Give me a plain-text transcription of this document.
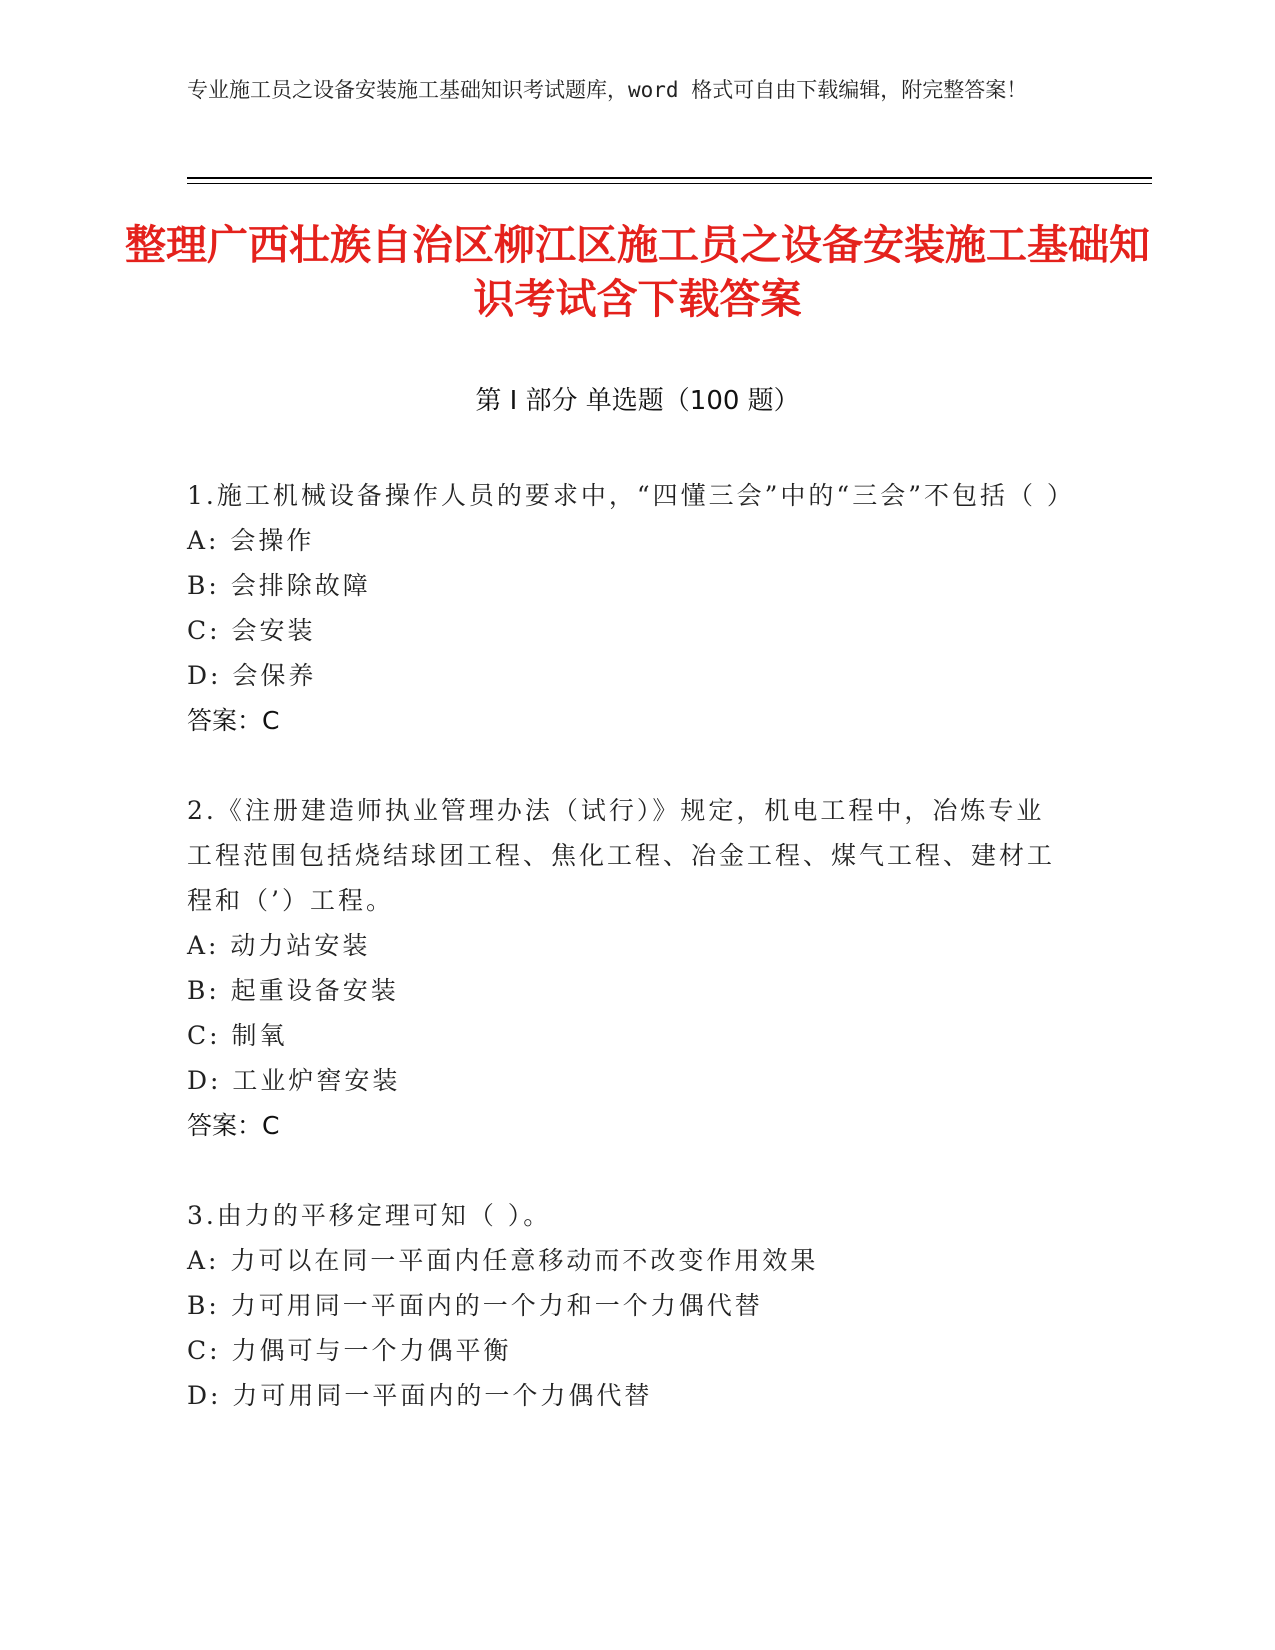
专业施工员之设备安装施工基础知识考试题库，word 格式可自由下载编辑，附完整答案！
整理广西壮族自治区柳江区施工员之设备安装施工基础知识考试含下载答案
第 I 部分 单选题（100 题）
1.施工机械设备操作人员的要求中，“四懂三会”中的“三会”不包括（ ）
A: 会操作
B: 会排除故障
C: 会安装
D: 会保养
答案：C
2.《注册建造师执业管理办法（试行）》规定，机电工程中，冶炼专业工程范围包括烧结球团工程、焦化工程、冶金工程、煤气工程、建材工程和（’）工程。
A: 动力站安装
B: 起重设备安装
C: 制氧
D: 工业炉窖安装
答案：C
3.由力的平移定理可知（ ）。
A: 力可以在同一平面内任意移动而不改变作用效果
B: 力可用同一平面内的一个力和一个力偶代替
C: 力偶可与一个力偶平衡
D: 力可用同一平面内的一个力偶代替
